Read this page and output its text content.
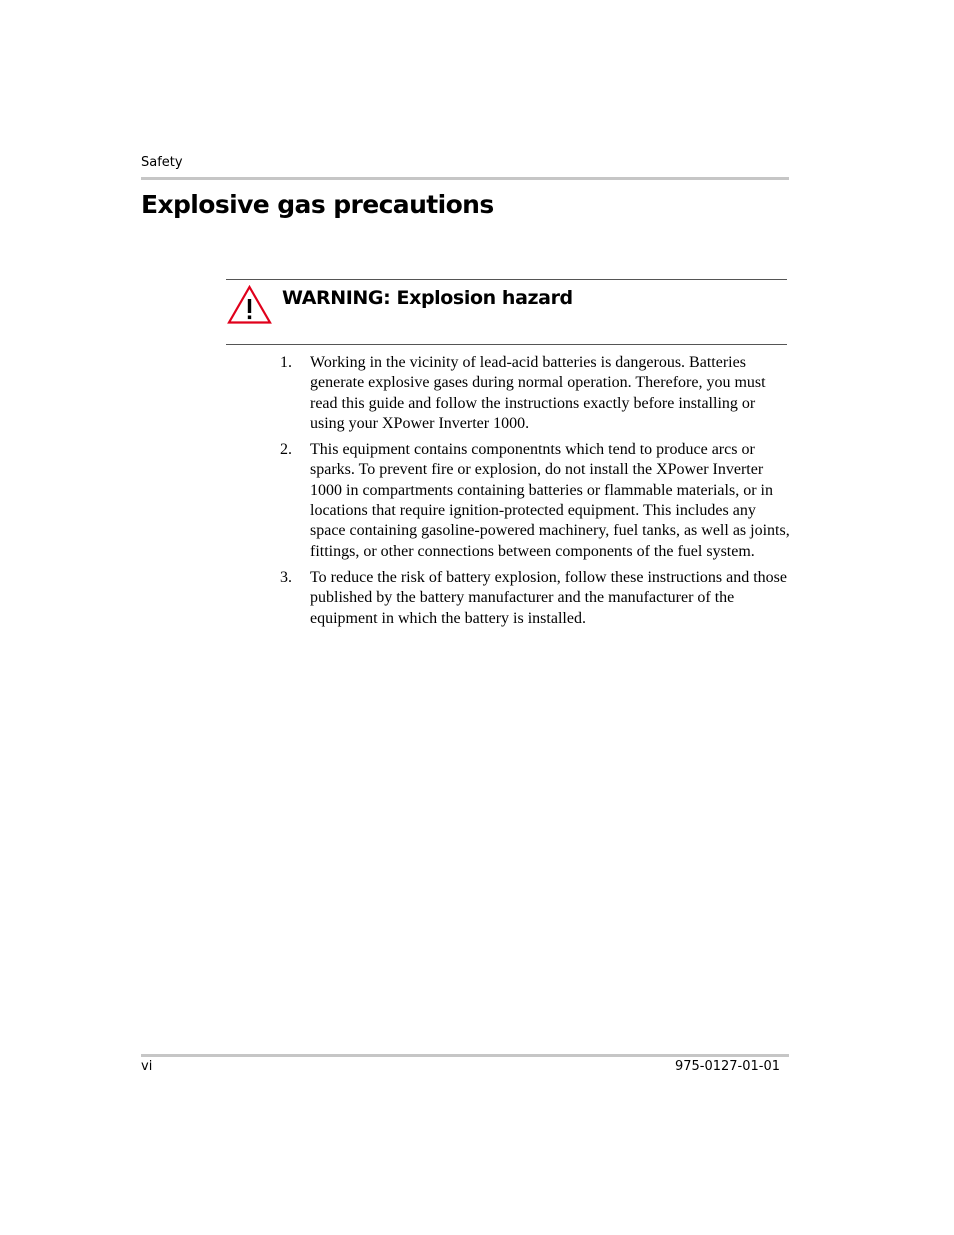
Safety
Explosive gas precautions
WARNING: Explosion hazard
1. Working in the vicinity of lead-acid batteries is dangerous. Batteries generate explosive gases during normal operation. Therefore, you must read this guide and follow the instructions exactly before installing or using your XPower Inverter 1000.
2. This equipment contains componentnts which tend to produce arcs or sparks. To prevent fire or explosion, do not install the XPower Inverter 1000 in compartments containing batteries or flammable materials, or in locations that require ignition-protected equipment. This includes any space containing gasoline-powered machinery, fuel tanks, as well as joints, fittings, or other connections between components of the fuel system.
3. To reduce the risk of battery explosion, follow these instructions and those published by the battery manufacturer and the manufacturer of the equipment in which the battery is installed.
vi	975-0127-01-01
